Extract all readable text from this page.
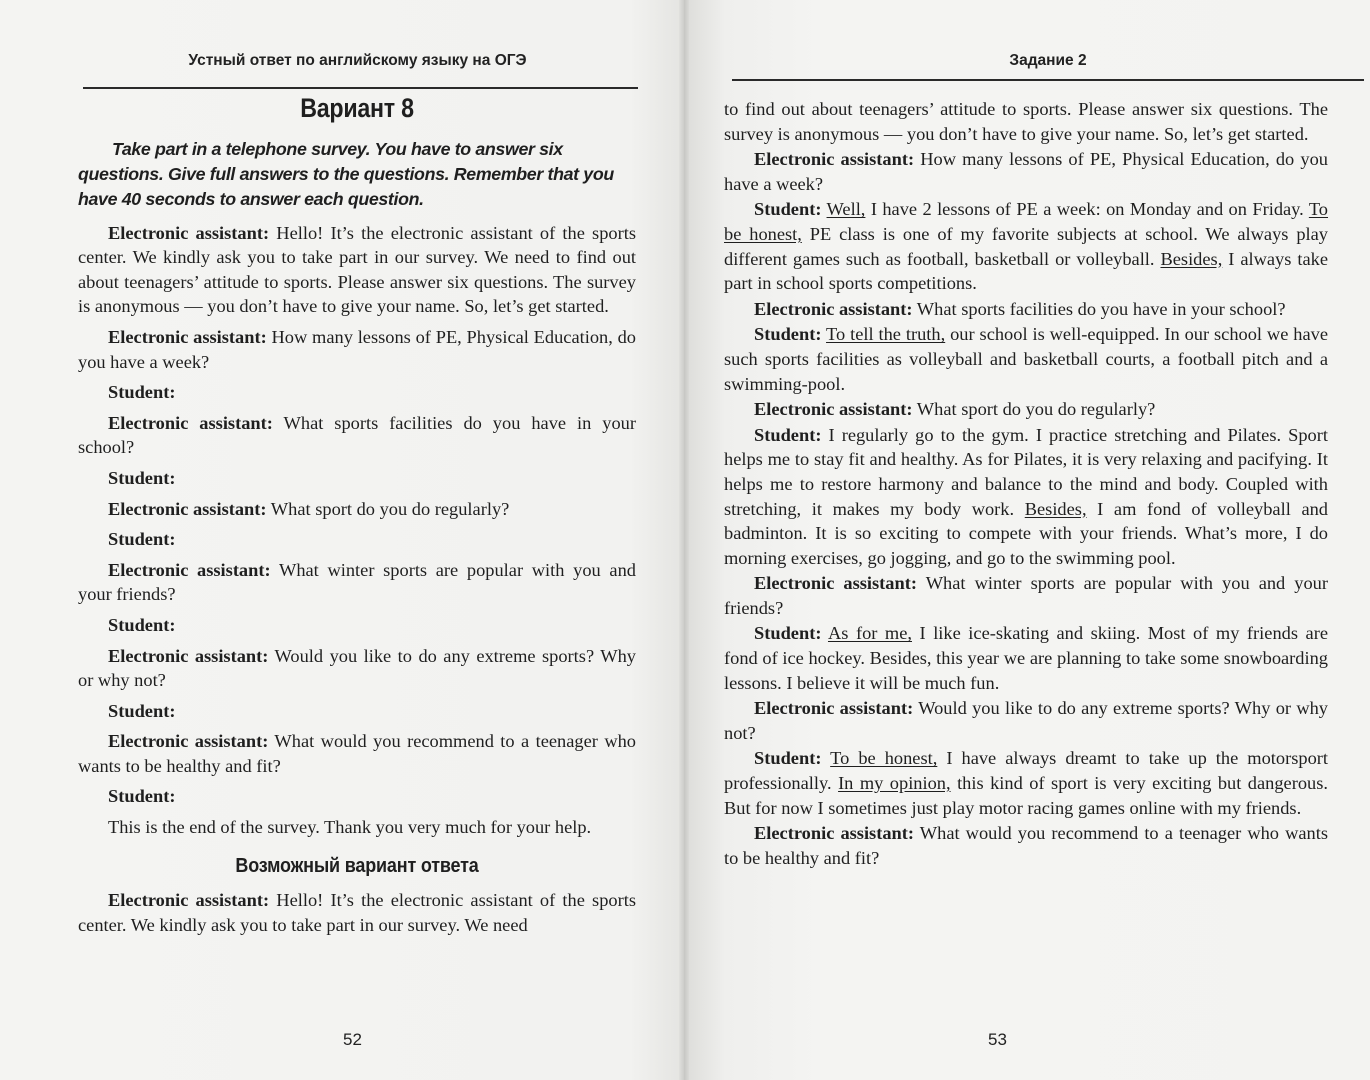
Устный ответ по английскому языку на ОГЭ
Вариант 8
Take part in a telephone survey. You have to answer six questions. Give full answers to the questions. Remember that you have 40 seconds to answer each question.
Electronic assistant: Hello! It’s the electronic assistant of the sports center. We kindly ask you to take part in our survey. We need to find out about teenagers’ attitude to sports. Please answer six questions. The survey is anonymous — you don’t have to give your name. So, let’s get started.
Electronic assistant: How many lessons of PE, Physical Education, do you have a week?
Student:
Electronic assistant: What sports facilities do you have in your school?
Student:
Electronic assistant: What sport do you do regularly?
Student:
Electronic assistant: What winter sports are popular with you and your friends?
Student:
Electronic assistant: Would you like to do any extreme sports? Why or why not?
Student:
Electronic assistant: What would you recommend to a teenager who wants to be healthy and fit?
Student:
This is the end of the survey. Thank you very much for your help.
Возможный вариант ответа
Electronic assistant: Hello! It’s the electronic assistant of the sports center. We kindly ask you to take part in our survey. We need
52
Задание 2
to find out about teenagers’ attitude to sports. Please answer six questions. The survey is anonymous — you don’t have to give your name. So, let’s get started.
Electronic assistant: How many lessons of PE, Physical Education, do you have a week?
Student: Well, I have 2 lessons of PE a week: on Monday and on Friday. To be honest, PE class is one of my favorite subjects at school. We always play different games such as football, basketball or volleyball. Besides, I always take part in school sports competitions.
Electronic assistant: What sports facilities do you have in your school?
Student: To tell the truth, our school is well-equipped. In our school we have such sports facilities as volleyball and basketball courts, a football pitch and a swimming-pool.
Electronic assistant: What sport do you do regularly?
Student: I regularly go to the gym. I practice stretching and Pilates. Sport helps me to stay fit and healthy. As for Pilates, it is very relaxing and pacifying. It helps me to restore harmony and balance to the mind and body. Coupled with stretching, it makes my body work. Besides, I am fond of volleyball and badminton. It is so exciting to compete with your friends. What’s more, I do morning exercises, go jogging, and go to the swimming pool.
Electronic assistant: What winter sports are popular with you and your friends?
Student: As for me, I like ice-skating and skiing. Most of my friends are fond of ice hockey. Besides, this year we are planning to take some snowboarding lessons. I believe it will be much fun.
Electronic assistant: Would you like to do any extreme sports? Why or why not?
Student: To be honest, I have always dreamt to take up the motorsport professionally. In my opinion, this kind of sport is very exciting but dangerous. But for now I sometimes just play motor racing games online with my friends.
Electronic assistant: What would you recommend to a teenager who wants to be healthy and fit?
53
